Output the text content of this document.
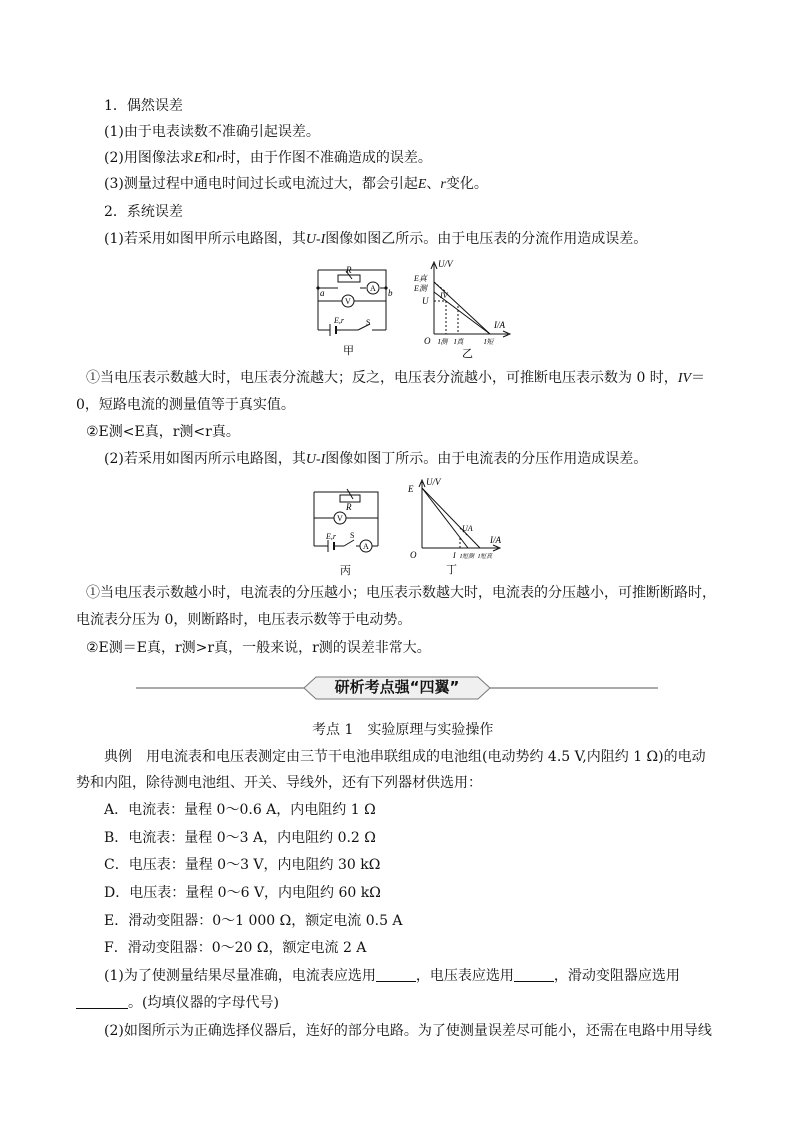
1．偶然误差
(1)由于电表读数不准确引起误差。
(2)用图像法求E和r时，由于作图不准确造成的误差。
(3)测量过程中通电时间过长或电流过大，都会引起E、r变化。
2．系统误差
(1)若采用如图甲所示电路图，其U-I图像如图乙所示。由于电压表的分流作用造成误差。
R
A
V
a	b
E,r	S
甲
U/V
E真
E测
U
IV
I/A
O I测 I真	I短
乙
①当电压表示数越大时，电压表分流越大；反之，电压表分流越小，可推断电压表示数为 0 时，IV＝
0，短路电流的测量值等于真实值。
②E测<E真，r测<r真。
(2)若采用如图丙所示电路图，其U-I图像如图丁所示。由于电流表的分压作用造成误差。
R
V
E,r S
A
丙
E
U/V
UA
I/A
O	I I短测 I短真
丁
①当电压表示数越小时，电流表的分压越小；电压表示数越大时，电流表的分压越小，可推断断路时，
电流表分压为 0，则断路时，电压表示数等于电动势。
②E测＝E真，r测>r真，一般来说，r测的误差非常大。
研析考点强“四翼”
考点 1　实验原理与实验操作
典例　用电流表和电压表测定由三节干电池串联组成的电池组(电动势约 4.5 V,内阻约 1 Ω)的电动
势和内阻，除待测电池组、开关、导线外，还有下列器材供选用：
A．电流表：量程 0～0.6 A，内电阻约 1 Ω
B．电流表：量程 0～3 A，内电阻约 0.2 Ω
C．电压表：量程 0～3 V，内电阻约 30 kΩ
D．电压表：量程 0～6 V，内电阻约 60 kΩ
E．滑动变阻器：0～1 000 Ω，额定电流 0.5 A
F．滑动变阻器：0～20 Ω，额定电流 2 A
(1)为了使测量结果尽量准确，电流表应选用	，电压表应选用	，滑动变阻器应选用
。(均填仪器的字母代号)
(2)如图所示为正确选择仪器后，连好的部分电路。为了使测量误差尽可能小，还需在电路中用导线
